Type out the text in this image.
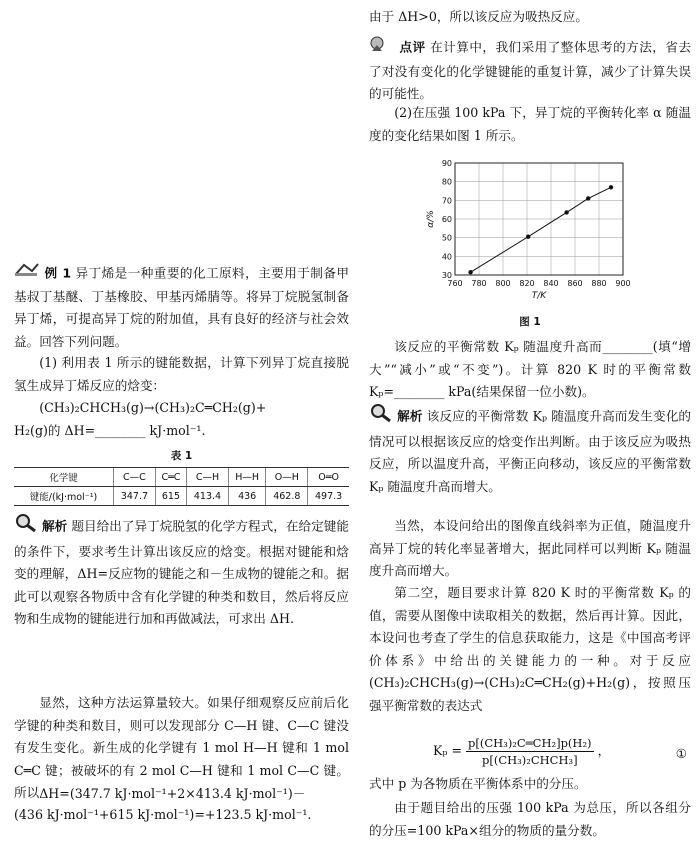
例 1 异丁烯是一种重要的化工原料，主要用于制备甲基叔丁基醚、丁基橡胶、甲基丙烯腈等。将异丁烷脱氢制备异丁烯，可提高异丁烷的附加值，具有良好的经济与社会效益。回答下列问题。
(1) 利用表 1 所示的键能数据，计算下列异丁烷直接脱氢生成异丁烯反应的焓变：
(CH₃)₂CHCH₃(g)→(CH₃)₂C═CH₂(g)+
H₂(g)的 ΔH=________ kJ·mol⁻¹.
表 1
化学键	C—C	C═C	C—H	H—H	O—H	O═O
键能/(kJ·mol⁻¹)	347.7	615	413.4	436	462.8	497.3
解析 题目给出了异丁烷脱氢的化学方程式，在给定键能的条件下，要求考生计算出该反应的焓变。根据对键能和焓变的理解，ΔH=反应物的键能之和－生成物的键能之和。据此可以观察各物质中含有化学键的种类和数目，然后将反应物和生成物的键能进行加和再做减法，可求出 ΔH.
显然，这种方法运算量较大。如果仔细观察反应前后化学键的种类和数目，则可以发现部分 C—H 键、C—C 键没有发生变化。新生成的化学键有 1 mol H—H 键和 1 mol C═C 键；被破坏的有 2 mol C—H 键和 1 mol C—C 键。所以 ΔH=(347.7 kJ·mol⁻¹+2×413.4 kJ·mol⁻¹)－
(436 kJ·mol⁻¹+615 kJ·mol⁻¹)=+123.5 kJ·mol⁻¹.
由于 ΔH>0，所以该反应为吸热反应。
点评 在计算中，我们采用了整体思考的方法，省去了对没有变化的化学键键能的重复计算，减少了计算失误的可能性。
(2)在压强 100 kPa 下，异丁烷的平衡转化率 α 随温度的变化结果如图 1 所示。
760 780 800 820 840 860 880 900
30
40
50
60
70
80
90
T/K
α/%
图 1
该反应的平衡常数 Kₚ 随温度升高而________(填“增大”“减小”或“不变”)。计算 820 K 时的平衡常数 Kₚ=________ kPa(结果保留一位小数)。
解析 该反应的平衡常数 Kₚ 随温度升高而发生变化的情况可以根据该反应的焓变作出判断。由于该反应为吸热反应，所以温度升高，平衡正向移动，该反应的平衡常数 Kₚ 随温度升高而增大。
当然，本设问给出的图像直线斜率为正值，随温度升高异丁烷的转化率显著增大，据此同样可以判断 Kₚ 随温度升高而增大。
第二空，题目要求计算 820 K 时的平衡常数 Kₚ 的值，需要从图像中读取相关的数据，然后再计算。因此，本设问也考查了学生的信息获取能力，这是《中国高考评价体系》中给出的关键能力的一种。对于反应(CH₃)₂CHCH₃(g)→(CH₃)₂C═CH₂(g)+H₂(g)，按照压强平衡常数的表达式
$K_p = \frac{\text{p[(CH₃)₂C═CH₂]p(H₂)}}{\text{p[(CH₃)₂CHCH₃]}}$ ，	①
式中 p 为各物质在平衡体系中的分压。
由于题目给出的压强 100 kPa 为总压，所以各组分的分压=100 kPa×组分的物质的量分数。
